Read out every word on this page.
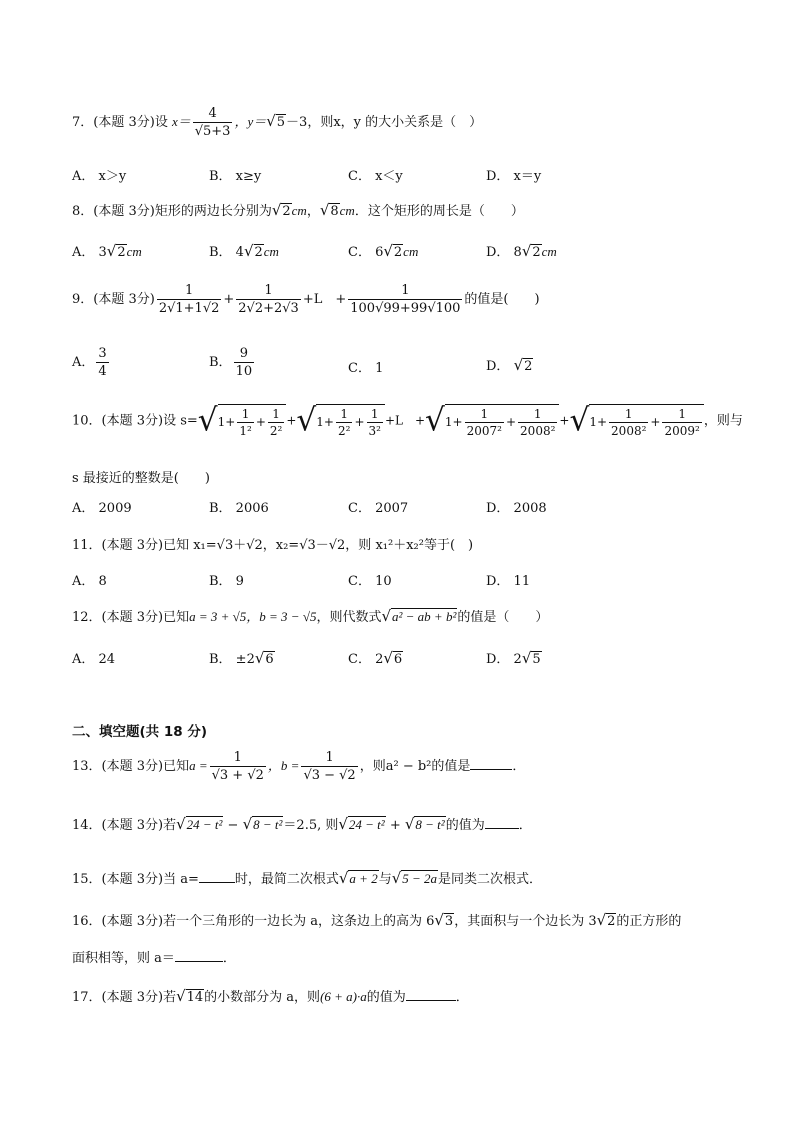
7．(本题 3分)设 $x= \frac{4}{√5+3}$ ，y＝√5－3，则x，y 的大小关系是（　）
A． x＞y	B． x≥y	C． x＜y	D． x＝y
8．(本题 3分)矩形的两边长分别为√2cm，√8cm．这个矩形的周长是（　　）
A． 3√2cm	B． 4√2cm	C． 6√2cm	D． 8√2cm
9．(本题 3分) $\frac{1}{2√1+1√2} + \frac{1}{2√2+2√3} +L$　+ $\frac{1}{100√99+99√100}$ 的值是(　　)
A． $\frac{3}{4}$	B． $\frac{9}{10}$	C． 1	D． √2
10．(本题 3分)设 $s=√1+ \frac{1}{\text{1²}} + \frac{1}{\text{2²}} +√1+ \frac{1}{\text{2²}} + \frac{1}{\text{3²}} +L$　$+√1+ \frac{1}{\text{2007²}} + \frac{1}{\text{2008²}} +√1+ \frac{1}{\text{2008²}} + \frac{1}{\text{2009²}}$ ，则与
s 最接近的整数是(　　)
A． 2009	B． 2006	C． 2007	D． 2008
11．(本题 3分)已知 x₁=√3＋√2，x₂=√3－√2，则 x₁²＋x₂²等于(　)
A． 8	B． 9	C． 10	D． 11
12．(本题 3分)已知a = 3 + √5，b = 3 − √5，则代数式√a² − ab + b²的值是（　　）
A． 24	B． ±2√6	C． 2√6	D． 2√5
二、填空题(共 18 分)
13．(本题 3分)已知$a = \frac{1}{√3 + √2}$ ，$b = \frac{1}{√3 - √2}$ ，则a² − b²的值是	．
14．(本题 3分)若√24 − t² − √8 − t²＝2.5, 则√24 − t² + √8 − t²的值为	．
15．(本题 3分)当 a=	时，最简二次根式√a + 2与√5 − 2a是同类二次根式．
16．(本题 3分)若一个三角形的一边长为 a，这条边上的高为 6√3，其面积与一个边长为 3√2的正方形的
面积相等，则 a＝	．
17．(本题 3分)若√14的小数部分为 a，则(6 + a)·a的值为	．
